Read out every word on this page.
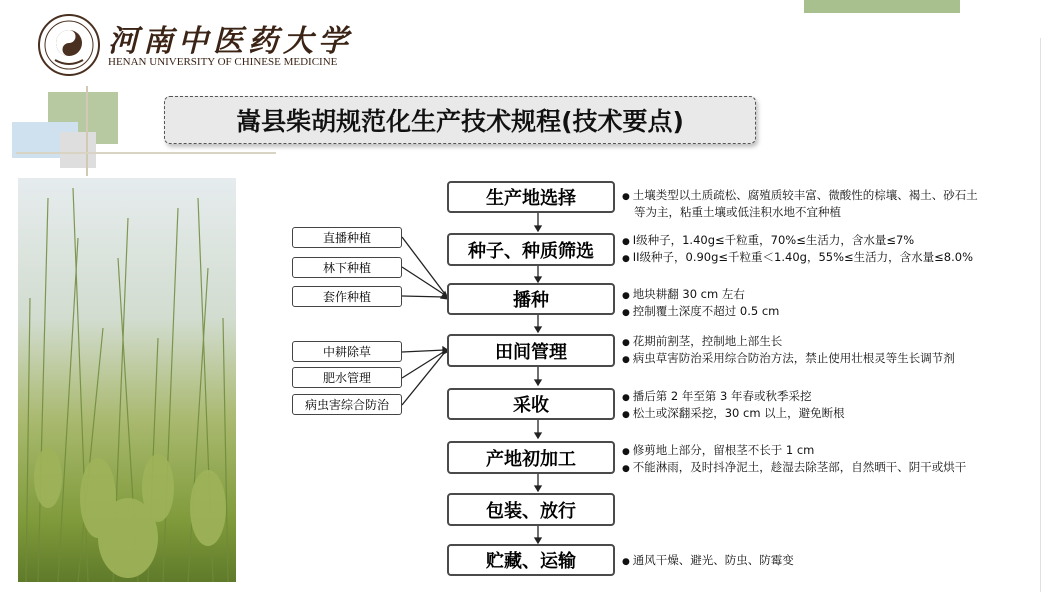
河南中医药大学
HENAN UNIVERSITY OF CHINESE MEDICINE
嵩县柴胡规范化生产技术规程(技术要点)
生产地选择
种子、种质筛选
播种
田间管理
采收
产地初加工
包装、放行
贮藏、运输
直播种植
林下种植
套作种植
中耕除草
肥水管理
病虫害综合防治
● 土壤类型以土质疏松、腐殖质较丰富、微酸性的棕壤、褐土、砂石土等为主，粘重土壤或低洼积水地不宜种植
● I级种子，1.40g≤千粒重，70%≤生活力，含水量≤7%
● II级种子，0.90g≤千粒重＜1.40g，55%≤生活力，含水量≤8.0%
● 地块耕翻 30 cm 左右
● 控制覆土深度不超过 0.5 cm
● 花期前割茎，控制地上部生长
● 病虫草害防治采用综合防治方法，禁止使用壮根灵等生长调节剂
● 播后第 2 年至第 3 年春或秋季采挖
● 松土或深翻采挖，30 cm 以上，避免断根
● 修剪地上部分，留根茎不长于 1 cm
● 不能淋雨，及时抖净泥土，趁湿去除茎部，自然晒干、阴干或烘干
● 通风干燥、避光、防虫、防霉变
